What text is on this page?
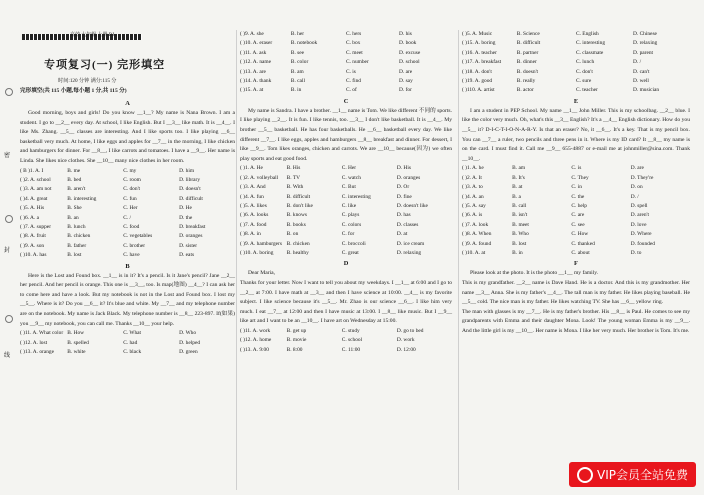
高效 七年级 上册 RJ
专项复习(一) 完形填空
时间:120 分钟 满分:115 分
完形填空(共 115 小题,每小题 1 分,共 115 分)
密
封
线
A

Good morning, boys and girls! Do you know __1__? My name is Nana Brown. I am a student. I go to __2__ every day. At school, I like English. But I __3__ like math. It is __4__. I like Ms. Zhang. __5__ classes are interesting. And I like sports too. I like playing __6__ basketball very much. At home, I like eggs and apples for __7__ in the morning, I like chicken and hamburgers for dinner. For __8__, I like carrots and tomatoes. I have a __9__. Her name is Linda. She likes nice clothes. She __10__ many nice clothes in her room.

( B )1. A. I	B. me	C. my	D. him
( )2. A. school	B. bed	C. room	D. library
( )3. A. am not	B. aren't	C. don't	D. doesn't
( )4. A. great	B. interesting	C. fun	D. difficult
( )5. A. His	B. She	C. Her	D. He
( )6. A. a	B. an	C. /	D. the
( )7. A. supper	B. lunch	C. food	D. breakfast
( )8. A. fruit	B. chicken	C. vegetables	D. oranges
( )9. A. son	B. father	C. brother	D. sister
( )10. A. has	B. lost	C. have	D. eats
B

Here is the Lost and Found box. __1__ is in it? It's a pencil. Is it Jane's pencil? Jane __2__ her pencil. And her pencil is orange. This one is __3__, too. Is map(地图) __4__? I can ask her to come here and have a look. But my notebook is not in the Lost and Found box. I lost my __5__. Where is it? Do you __6__ it? It's blue and white. My __7__ and my telephone number are on the notebook. My name is Jack Black. My telephone number is __8__ 223-897. If(如果) you __9__ my notebook, you can call me. Thanks __10__ your help.

( )11. A. What color B. How	C. What	D. Who
( )12. A. lost	B. spelled	C. had	D. helped
( )13. A. orange	B. white	C. black	D. green
( )9. A. she	B. her	C. hers	D. his
( )10. A. eraser	B. notebook	C. box	D. book
( )11. A. ask	B. see	C. meet	D. excuse
( )12. A. name	B. color	C. number	D. school
( )13. A. are	B. am	C. is	D. are
( )14. A. thank	B. call	C. find	D. say
( )15. A. at	B. in	C. of	D. for
C

My name is Sandra. I have a brother. __1__ name is Tom. We like different 不同的 sports. I like playing __2__. It is fun. I like tennis, too. __3__ I don't like basketball. It is __4__. My brother __5__ basketball. He has four basketballs. He __6__ basketball every day. We like different __7__. I like eggs, apples and hamburgers __8__ breakfast and dinner. For dessert, I like __9__. Tom likes oranges, chicken and carrots. We are __10__ because(因为) we often play sports and eat good food.

( )1. A. He	B. His	C. Her	D. His
( )2. A. volleyball	B. TV	C. watch	D. oranges
( )3. A. And	B. With	C. But	D. Or
( )4. A. fun	B. difficult	C. interesting	D. fine
( )5. A. likes	B. don't like	C. like	D. doesn't like
( )6. A. looks	B. knows	C. plays	D. has
( )7. A. food	B. books	C. colors	D. classes
( )8. A. in	B. on	C. for	D. at
( )9. A. hamburgers B. chicken	C. broccoli	D. ice cream
( )10. A. boring	B. healthy	C. great	D. relaxing
D

Dear Maria,
Thanks for your letter. Now I want to tell you about my weekdays. I __1__ at 6:00 and I go to __2__ at 7:00. I have math at __3__ and then I have science at 10:00. __4__ is my favorite subject. I like science because it's __5__. Mr. Zhao is our science __6__. I like him very much. I eat __7__ at 12:00 and then I have music at 13:00. I __8__ like music. But I __9__ like art and I want to be an __10__. I have art on Wednesday at 15:00.

( )11. A. work	B. get up	C. study	D. go to bed
( )12. A. home	B. movie	C. school	D. work
( )13. A. 9:00	B. 8:00	C. 11:00	D. 12:00
( )5. A. Music	B. Science	C. English	D. Chinese
( )15. A. boring	B. difficult	C. interesting	D. relaxing
( )16. A. teacher	B. partner	C. classmate	D. parent
( )17. A. breakfast	B. dinner	C. lunch	D. /
( )18. A. don't	B. doesn't	C. don't	D. can't
( )19. A. good	B. really	C. sure	D. well
( )110. A. artist	B. actor	C. teacher	D. musician
E

I am a student in PEP School. My name __1__ John Miller. This is my schoolbag. __2__ blue. I like the color very much. Oh, what's this __3__ English? It's a __4__ English dictionary. How do you __5__ it? D-I-C-T-I-O-N-A-R-Y. Is that an eraser? No, it __6__. It's a key. That is my pencil box. You can __7__ a ruler, two pencils and three pens in it. Where is my ID card? It __8__ my name is on the card. I must find it. Call me __9__ 655-4887 or e-mail me at johnmiller@sina.com. Thank __10__.

( )1. A. he	B. am	C. is	D. are
( )2. A. It	B. It's	C. They	D. They're
( )3. A. to	B. at	C. in	D. on
( )4. A. an	B. a	C. the	D. /
( )5. A. say	B. call	C. help	D. spell
( )6. A. is	B. isn't	C. are	D. aren't
( )7. A. look	B. meet	C. see	D. love
( )8. A. When	B. Who	C. How	D. Where
( )9. A. found	B. lost	C. thanked	D. founded
( )10. A. at	B. in	C. about	D. to
F

Please look at the photo. It is the photo __1__ my family.
This is my grandfather. __2__ name is Dave Hand. He is a doctor. And this is my grandmother. Her name __3__ Anna. She is my father's __4__. The tall man is my father. He likes playing baseball. He __5__ cold. The nice man is my father. He likes watching TV. She has __6__ yellow ring.
The man with glasses is my __7__. He is my father's brother. His __8__ is Paul. He comes to see my grandparents with Emma and their daughter Mona. Look! The young woman Emma is my __9__. And the little girl is my __10__. Her name is Mona. I like her very much. Her brother is Tom. It's me.

VIP会员全站免费
